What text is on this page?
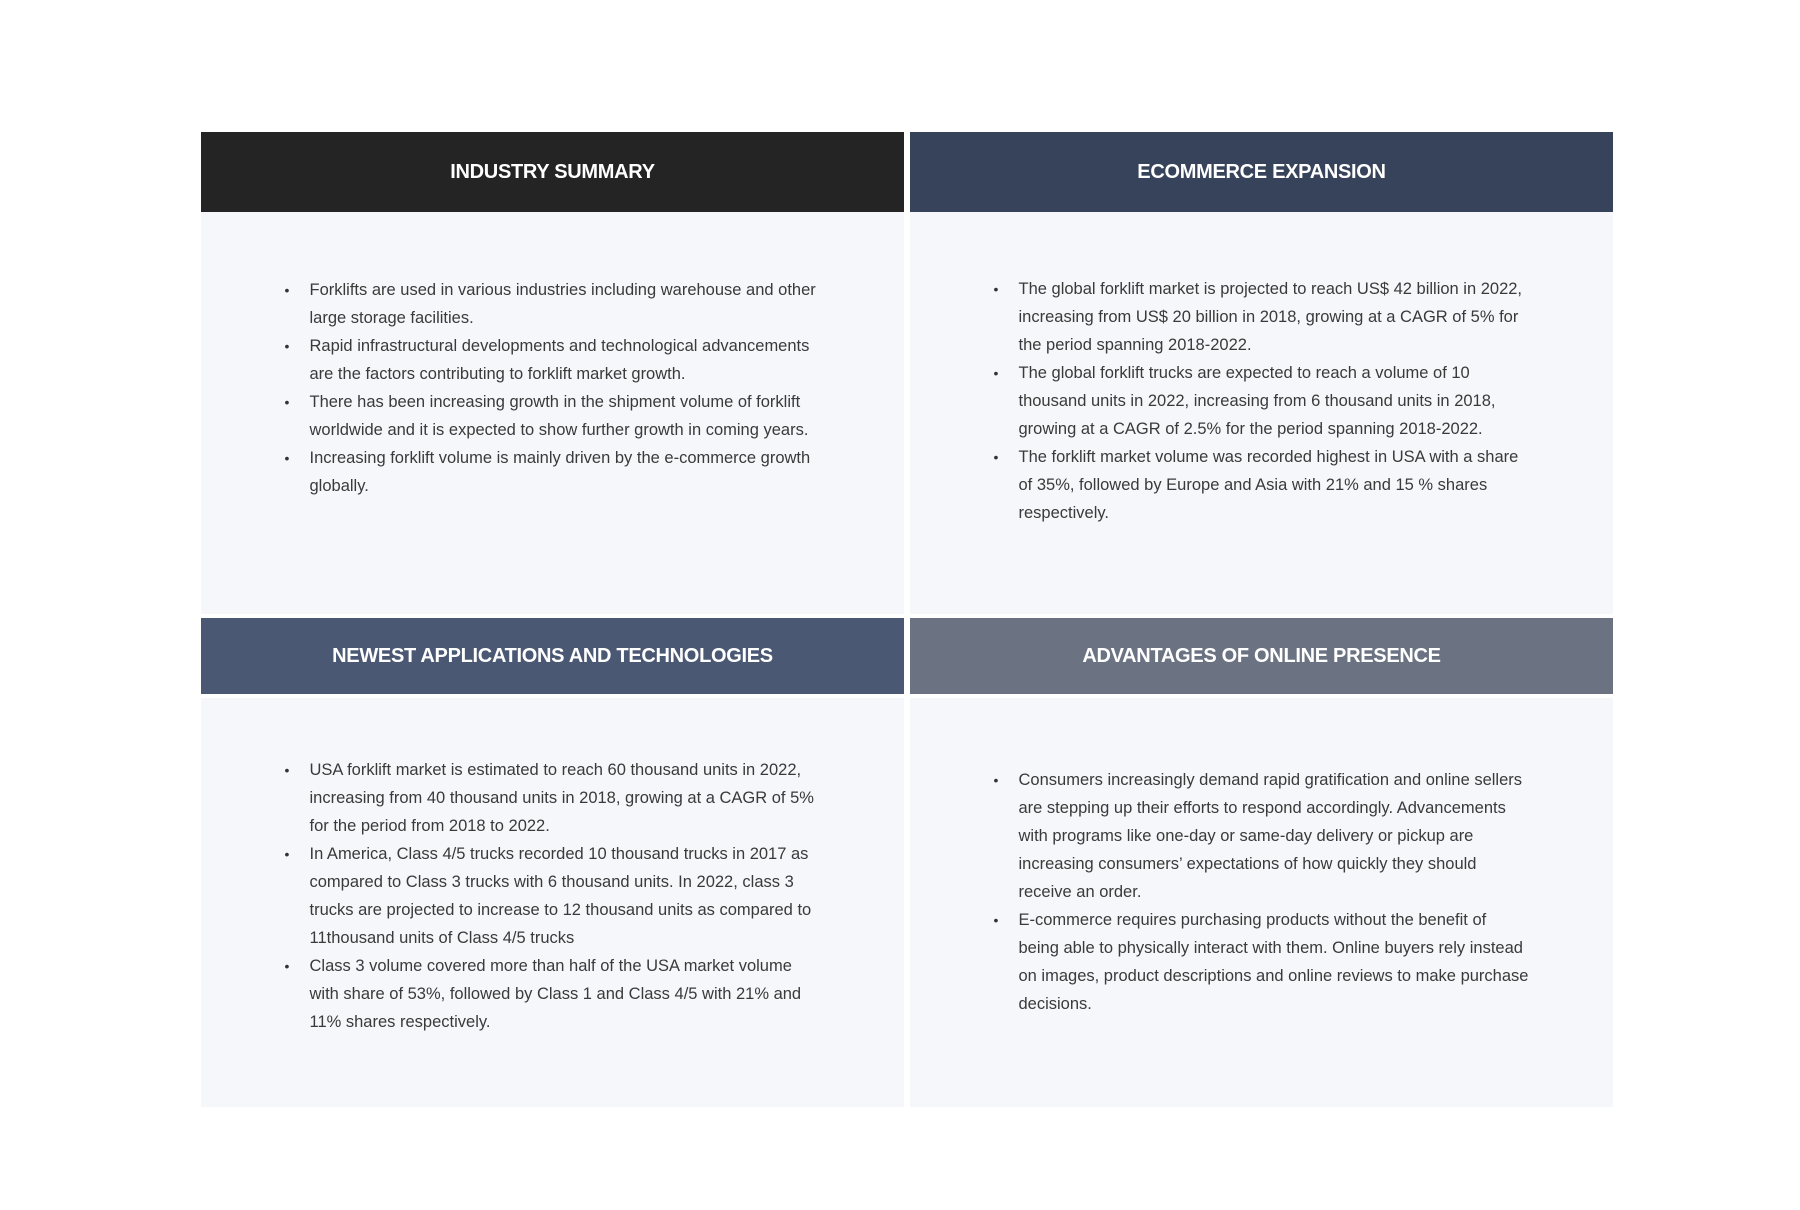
INDUSTRY SUMMARY	ECOMMERCE EXPANSION
• Forklifts are used in various industries including warehouse and other large storage facilities.
• Rapid infrastructural developments and technological advancements are the factors contributing to forklift market growth.
• There has been increasing growth in the shipment volume of forklift worldwide and it is expected to show further growth in coming years.
• Increasing forklift volume is mainly driven by the e-commerce growth globally.
• The global forklift market is projected to reach US$ 42 billion in 2022, increasing from US$ 20 billion in 2018, growing at a CAGR of 5% for the period spanning 2018-2022.
• The global forklift trucks are expected to reach a volume of 10 thousand units in 2022, increasing from 6 thousand units in 2018, growing at a CAGR of 2.5% for the period spanning 2018-2022.
• The forklift market volume was recorded highest in USA with a share of 35%, followed by Europe and Asia with 21% and 15 % shares respectively.
NEWEST APPLICATIONS AND TECHNOLOGIES	ADVANTAGES OF ONLINE PRESENCE
• USA forklift market is estimated to reach 60 thousand units in 2022, increasing from 40 thousand units in 2018, growing at a CAGR of 5% for the period from 2018 to 2022.
• In America, Class 4/5 trucks recorded 10 thousand trucks in 2017 as compared to Class 3 trucks with 6 thousand units. In 2022, class 3 trucks are projected to increase to 12 thousand units as compared to 11thousand units of Class 4/5 trucks
• Class 3 volume covered more than half of the USA market volume with share of 53%, followed by Class 1 and Class 4/5 with 21% and 11% shares respectively.
• Consumers increasingly demand rapid gratification and online sellers are stepping up their efforts to respond accordingly. Advancements with programs like one-day or same-day delivery or pickup are increasing consumers’ expectations of how quickly they should receive an order.
• E-commerce requires purchasing products without the benefit of being able to physically interact with them. Online buyers rely instead on images, product descriptions and online reviews to make purchase decisions.
